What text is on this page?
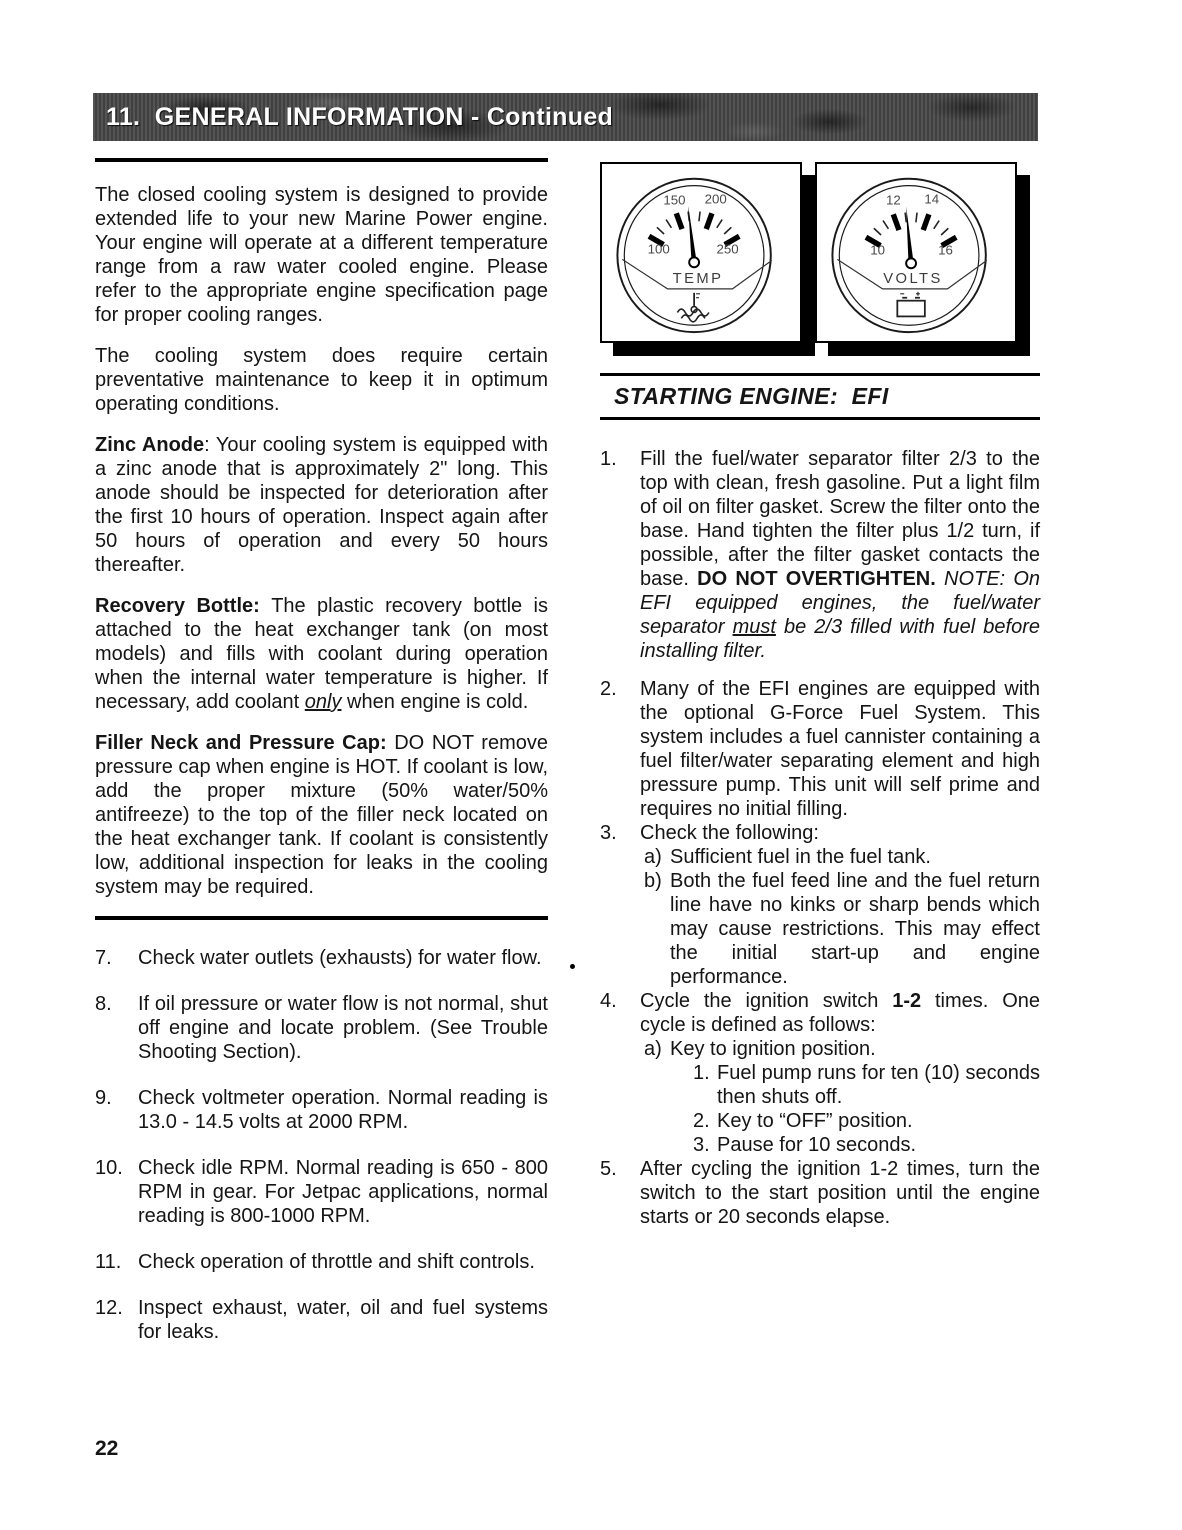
11.  GENERAL INFORMATION - Continued
The closed cooling system is designed to provide extended life to your new Marine Power engine. Your engine will operate at a different temperature range from a raw water cooled engine. Please refer to the appropriate engine specification page for proper cooling ranges.
The cooling system does require certain preventative maintenance to keep it in optimum operating conditions.
Zinc Anode: Your cooling system is equipped with a zinc anode that is approximately 2" long. This anode should be inspected for deterioration after the first 10 hours of operation. Inspect again after 50 hours of operation and every 50 hours thereafter.
Recovery Bottle: The plastic recovery bottle is attached to the heat exchanger tank (on most models) and fills with coolant during operation when the internal water temperature is higher. If necessary, add coolant only when engine is cold.
Filler Neck and Pressure Cap: DO NOT remove pressure cap when engine is HOT. If coolant is low, add the proper mixture (50% water/50% antifreeze) to the top of the filler neck located on the heat exchanger tank. If coolant is consistently low, additional inspection for leaks in the cooling system may be required.
7.	Check water outlets (exhausts) for water flow.
8.	If oil pressure or water flow is not normal, shut off engine and locate problem. (See Trouble Shooting Section).
9.	Check voltmeter operation. Normal reading is 13.0 - 14.5 volts at 2000 RPM.
10. Check idle RPM. Normal reading is 650 - 800 RPM in gear. For Jetpac applications, normal reading is 800-1000 RPM.
11. Check operation of throttle and shift controls.
12. Inspect exhaust, water, oil and fuel systems for leaks.
100
150 200
250
TEMP
10
12 14
16
VOLTS
STARTING ENGINE:  EFI
1.	Fill the fuel/water separator filter 2/3 to the top with clean, fresh gasoline. Put a light film of oil on filter gasket. Screw the filter onto the base. Hand tighten the filter plus 1/2 turn, if possible, after the filter gasket contacts the base. DO NOT OVERTIGHTEN. NOTE: On EFI equipped engines, the fuel/water separator must be 2/3 filled with fuel before installing filter.
2.	Many of the EFI engines are equipped with the optional G-Force Fuel System. This system includes a fuel cannister containing a fuel filter/water separating element and high pressure pump. This unit will self prime and requires no initial filling.
3.	Check the following:
a) Sufficient fuel in the fuel tank.
b) Both the fuel feed line and the fuel return line have no kinks or sharp bends which may cause restrictions. This may effect the initial start-up and engine performance.
4.	Cycle the ignition switch 1-2 times. One cycle is defined as follows:
a) Key to ignition position.
1. Fuel pump runs for ten (10) seconds then shuts off.
2. Key to “OFF” position.
3. Pause for 10 seconds.
5.	After cycling the ignition 1-2 times, turn the switch to the start position until the engine starts or 20 seconds elapse.
22
